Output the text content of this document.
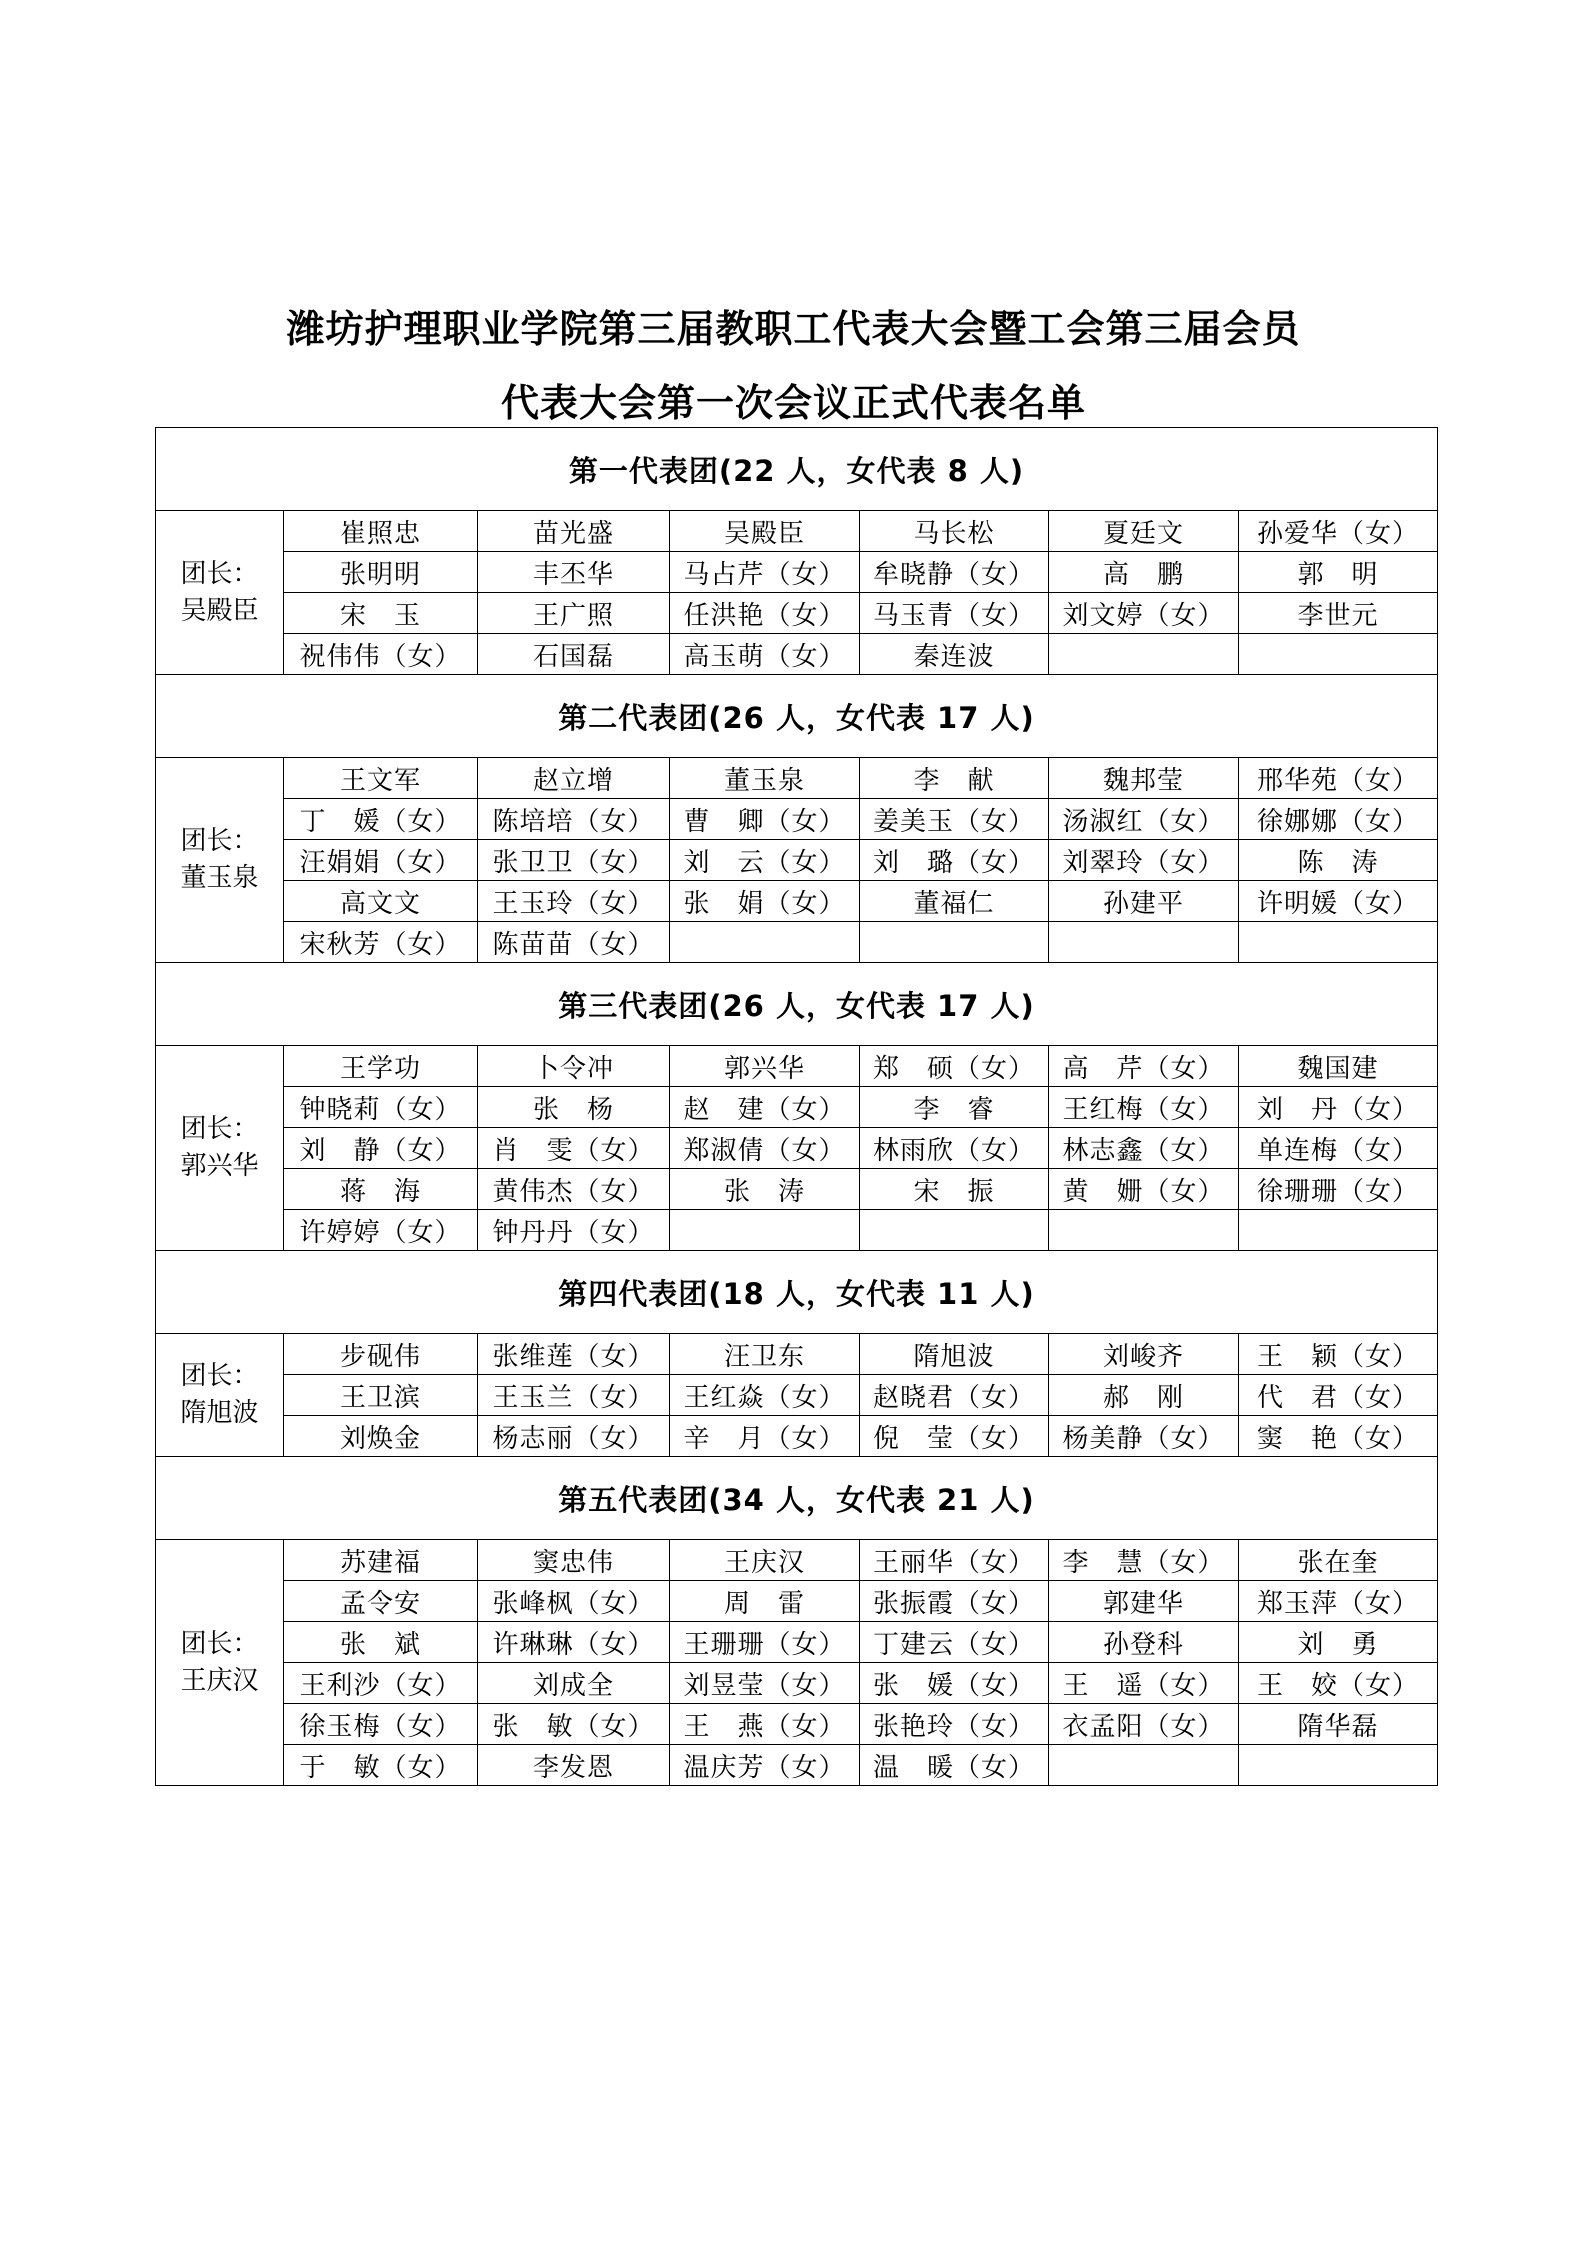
潍坊护理职业学院第三届教职工代表大会暨工会第三届会员
代表大会第一次会议正式代表名单
第一代表团(22 人，女代表 8 人)						

团长：
吴殿臣	崔照忠	苗光盛	吴殿臣	马长松	夏廷文	孙爱华（女）
	张明明	丰丕华	马占芹（女）	牟晓静（女）	高　鹏	郭　明
	宋　玉	王广照	任洪艳（女）	马玉青（女）	刘文婷（女）	李世元
	祝伟伟（女）	石国磊	高玉萌（女）	秦连波		
第二代表团(26 人，女代表 17 人)						

团长：
董玉泉	王文军	赵立增	董玉泉	李　献	魏邦莹	邢华苑（女）
	丁　媛（女）	陈培培（女）	曹　卿（女）	姜美玉（女）	汤淑红（女）	徐娜娜（女）
	汪娟娟（女）	张卫卫（女）	刘　云（女）	刘　璐（女）	刘翠玲（女）	陈　涛
	高文文	王玉玲（女）	张　娟（女）	董福仁	孙建平	许明媛（女）
	宋秋芳（女）	陈苗苗（女）				
第三代表团(26 人，女代表 17 人)						

团长：
郭兴华	王学功	卜令冲	郭兴华	郑　硕（女）	高　芹（女）	魏国建
	钟晓莉（女）	张　杨	赵　建（女）	李　睿	王红梅（女）	刘　丹（女）
	刘　静（女）	肖　雯（女）	郑淑倩（女）	林雨欣（女）	林志鑫（女）	单连梅（女）
	蒋　海	黄伟杰（女）	张　涛	宋　振	黄　姗（女）	徐珊珊（女）
	许婷婷（女）	钟丹丹（女）				
第四代表团(18 人，女代表 11 人)						

团长：
隋旭波	步砚伟	张维莲（女）	汪卫东	隋旭波	刘峻齐	王　颖（女）
	王卫滨	王玉兰（女）	王红焱（女）	赵晓君（女）	郝　刚	代　君（女）
	刘焕金	杨志丽（女）	辛　月（女）	倪　莹（女）	杨美静（女）	窦　艳（女）
第五代表团(34 人，女代表 21 人)						

团长：
王庆汉	苏建福	窦忠伟	王庆汉	王丽华（女）	李　慧（女）	张在奎
	孟令安	张峰枫（女）	周　雷	张振霞（女）	郭建华	郑玉萍（女）
	张　斌	许琳琳（女）	王珊珊（女）	丁建云（女）	孙登科	刘　勇
	王利沙（女）	刘成全	刘昱莹（女）	张　媛（女）	王　遥（女）	王　姣（女）
	徐玉梅（女）	张　敏（女）	王　燕（女）	张艳玲（女）	衣孟阳（女）	隋华磊
	于　敏（女）	李发恩	温庆芳（女）	温　暖（女）		
